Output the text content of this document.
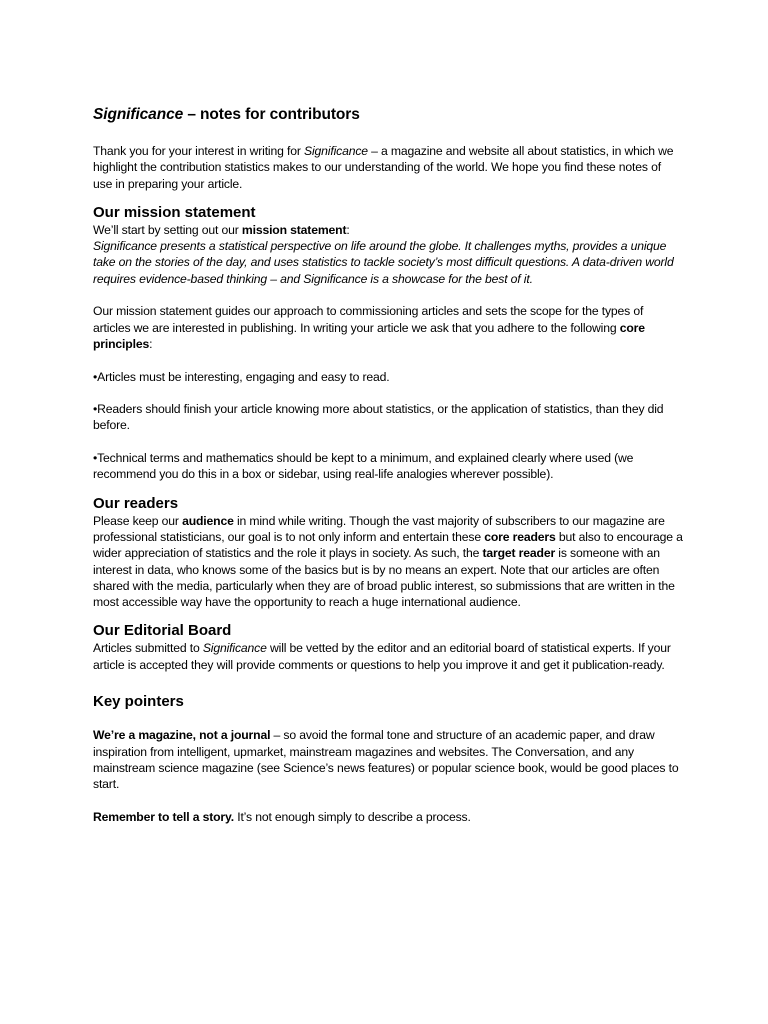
Significance – notes for contributors

Thank you for your interest in writing for Significance – a magazine and website all about statistics, in which we highlight the contribution statistics makes to our understanding of the world. We hope you find these notes of use in preparing your article.

Our mission statement

We’ll start by setting out our mission statement:

Significance presents a statistical perspective on life around the globe. It challenges myths, provides a unique take on the stories of the day, and uses statistics to tackle society’s most difficult questions. A data-driven world requires evidence-based thinking – and Significance is a showcase for the best of it.

Our mission statement guides our approach to commissioning articles and sets the scope for the types of articles we are interested in publishing. In writing your article we ask that you adhere to the following core principles:

•Articles must be interesting, engaging and easy to read.

•Readers should finish your article knowing more about statistics, or the application of statistics, than they did before.

•Technical terms and mathematics should be kept to a minimum, and explained clearly where used (we recommend you do this in a box or sidebar, using real-life analogies wherever possible).

Our readers

Please keep our audience in mind while writing. Though the vast majority of subscribers to our magazine are professional statisticians, our goal is to not only inform and entertain these core readers but also to encourage a wider appreciation of statistics and the role it plays in society. As such, the target reader is someone with an interest in data, who knows some of the basics but is by no means an expert. Note that our articles are often shared with the media, particularly when they are of broad public interest, so submissions that are written in the most accessible way have the opportunity to reach a huge international audience.

Our Editorial Board

Articles submitted to Significance will be vetted by the editor and an editorial board of statistical experts. If your article is accepted they will provide comments or questions to help you improve it and get it publication-ready.

Key pointers

We’re a magazine, not a journal – so avoid the formal tone and structure of an academic paper, and draw inspiration from intelligent, upmarket, mainstream magazines and websites. The Conversation, and any mainstream science magazine (see Science’s news features) or popular science book, would be good places to start.

Remember to tell a story. It’s not enough simply to describe a process.
